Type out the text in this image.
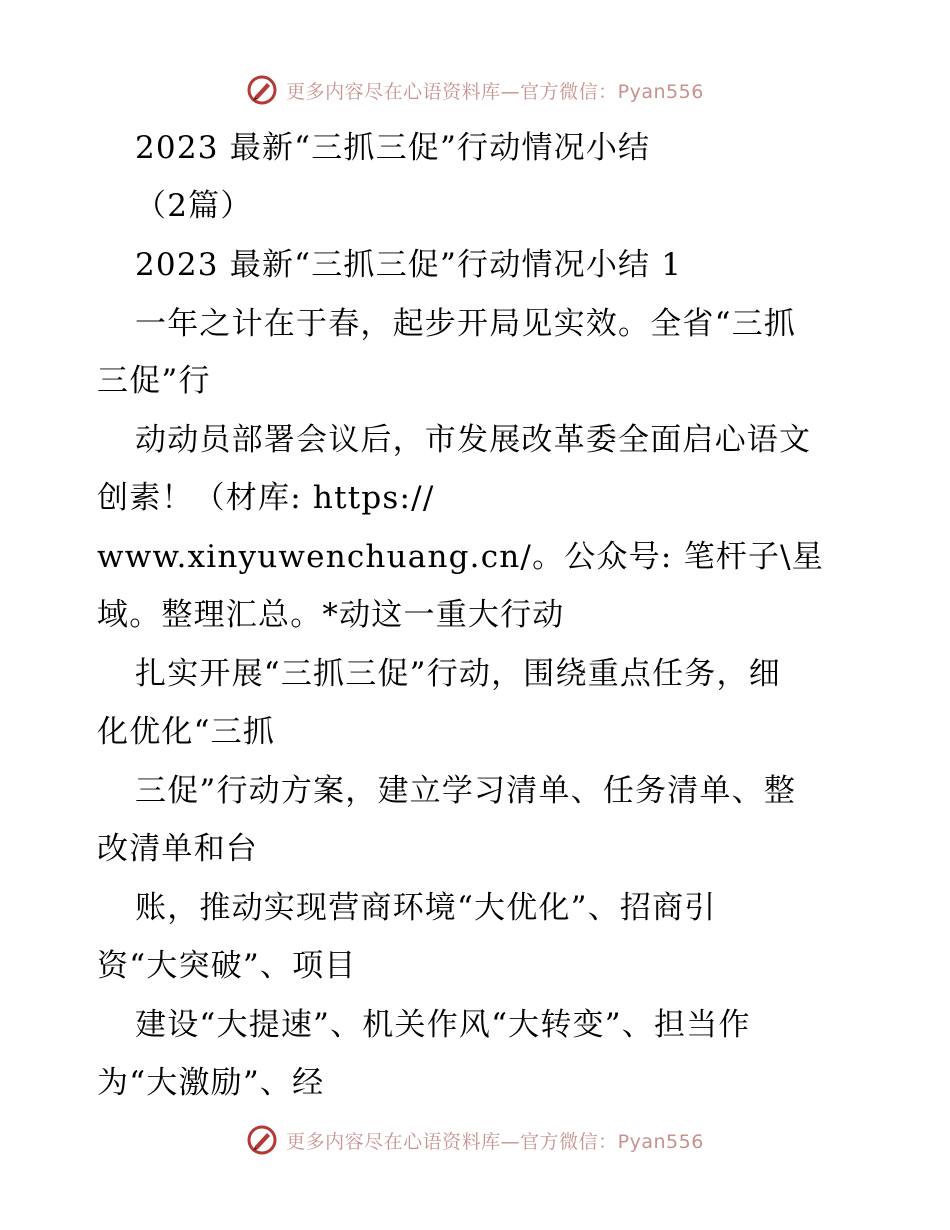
更多内容尽在心语资料库—官方微信：Pyan556
2023 最新“三抓三促”行动情况小结
（2篇）
2023 最新“三抓三促”行动情况小结 1
一年之计在于春，起步开局见实效。全省“三抓
三促”行
动动员部署会议后，市发展改革委全面启心语文
创素！（材库: https://
www.xinyuwenchuang.cn/。公众号: 笔杆子\星
域。整理汇总。*动这一重大行动
扎实开展“三抓三促”行动，围绕重点任务，细
化优化“三抓
三促”行动方案，建立学习清单、任务清单、整
改清单和台
账，推动实现营商环境“大优化”、招商引
资“大突破”、项目
建设“大提速”、机关作风“大转变”、担当作
为“大激励”、经
更多内容尽在心语资料库—官方微信：Pyan556
